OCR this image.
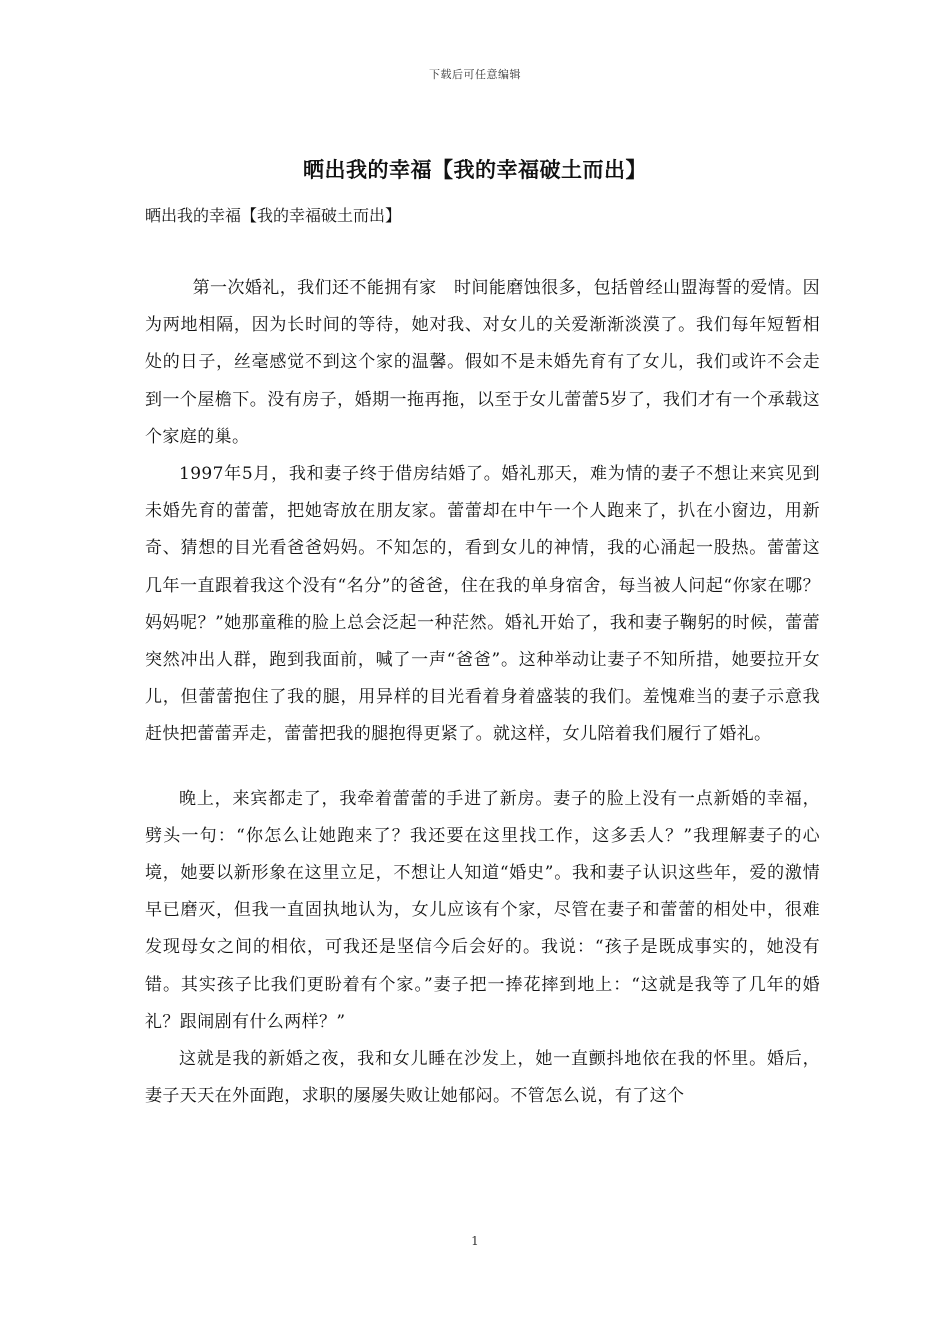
下载后可任意编辑
晒出我的幸福【我的幸福破土而出】
晒出我的幸福【我的幸福破土而出】

第一次婚礼，我们还不能拥有家　时间能磨蚀很多，包括曾经山盟海誓的爱情。因为两地相隔，因为长时间的等待，她对我、对女儿的关爱渐渐淡漠了。我们每年短暂相处的日子，丝毫感觉不到这个家的温馨。假如不是未婚先育有了女儿，我们或许不会走到一个屋檐下。没有房子，婚期一拖再拖，以至于女儿蕾蕾5岁了，我们才有一个承载这个家庭的巢。

1997年5月，我和妻子终于借房结婚了。婚礼那天，难为情的妻子不想让来宾见到未婚先育的蕾蕾，把她寄放在朋友家。蕾蕾却在中午一个人跑来了，扒在小窗边，用新奇、猜想的目光看爸爸妈妈。不知怎的，看到女儿的神情，我的心涌起一股热。蕾蕾这几年一直跟着我这个没有“名分”的爸爸，住在我的单身宿舍，每当被人问起“你家在哪？妈妈呢？”她那童稚的脸上总会泛起一种茫然。婚礼开始了，我和妻子鞠躬的时候，蕾蕾突然冲出人群，跑到我面前，喊了一声“爸爸”。这种举动让妻子不知所措，她要拉开女儿，但蕾蕾抱住了我的腿，用异样的目光看着身着盛装的我们。羞愧难当的妻子示意我赶快把蕾蕾弄走，蕾蕾把我的腿抱得更紧了。就这样，女儿陪着我们履行了婚礼。

晚上，来宾都走了，我牵着蕾蕾的手进了新房。妻子的脸上没有一点新婚的幸福，劈头一句：“你怎么让她跑来了？我还要在这里找工作，这多丢人？”我理解妻子的心境，她要以新形象在这里立足，不想让人知道“婚史”。我和妻子认识这些年，爱的激情早已磨灭，但我一直固执地认为，女儿应该有个家，尽管在妻子和蕾蕾的相处中，很难发现母女之间的相依，可我还是坚信今后会好的。我说：“孩子是既成事实的，她没有错。其实孩子比我们更盼着有个家。”妻子把一捧花摔到地上：“这就是我等了几年的婚礼？跟闹剧有什么两样？”

这就是我的新婚之夜，我和女儿睡在沙发上，她一直颤抖地依在我的怀里。婚后，妻子天天在外面跑，求职的屡屡失败让她郁闷。不管怎么说，有了这个

1
